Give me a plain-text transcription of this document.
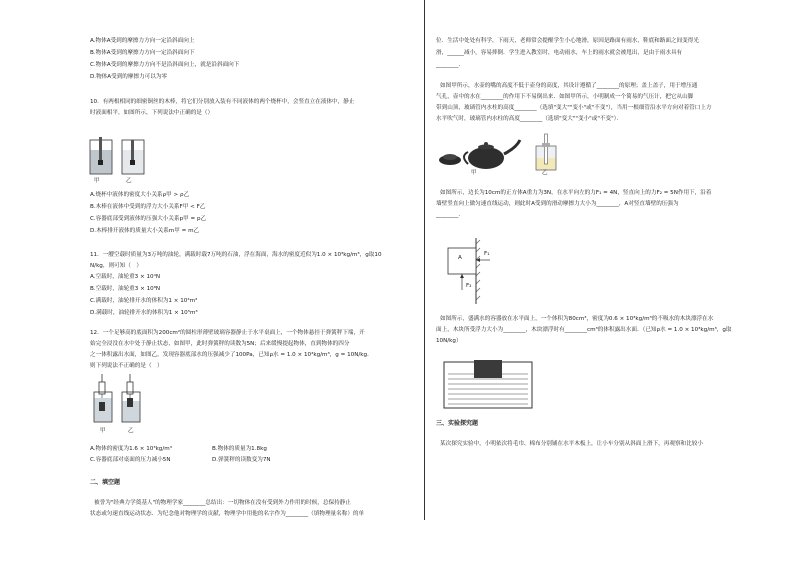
A.物体A受到的摩擦力方向一定沿斜面向上
B.物体A受到的摩擦力方向一定沿斜面向下
C.物体A受到的摩擦力方向不是沿斜面向上，就是沿斜面向下
D.物体A受到的摩擦力可以为零
10．有两根相同的细密铜丝的木棒，将它们分别放入装有不同液体的两个烧杯中，会竖直立在液体中，静止
时液面相平，如图所示，下列说法中正确的是（）
甲	乙
A.烧杯中液体的密度大小关系ρ甲 > ρ乙
B.木棒在液体中受到的浮力大小关系F甲 < F乙
C.容器底部受到液体的压强大小关系p甲 = p乙
D.木棒排开液体的质量大小关系m甲 = m乙
11．一艘空载时质量为3万吨的油轮，满载时载7万吨的石油，浮在海面，海水的密度近似为1.0 × 10³kg/m³，g取10
N/kg，则可知（　）
A.空载时，油轮重3 × 10⁴N
B.空载时，油轮重3 × 10⁸N
C.满载时，油轮排开水的体积为1 × 10⁴m³
D.满载时，油轮排开水的体积为1 × 10⁵m³
12．一个足够高的底面积为200cm²的圆柱形薄壁玻璃容器静止于水平桌面上，一个物体悬挂于弹簧秤下端，开
始完全浸没在水中处于静止状态，如图甲，此时弹簧秤的读数为5N；后来缓慢提起物体，直到物体的四分
之一体积露出水面，如图乙，发现容器底部水的压强减少了100Pa，已知ρ水 = 1.0 × 10³kg/m³，g = 10N/kg．
则下列说法不正确的是（　）
甲	乙
A.物体的密度为1.6 × 10³kg/m³	B.物体的质量为1.8kg
C.容器底部对桌面的压力减小5N	D.弹簧秤的读数变为7N
二、填空题
被誉为"经典力学奠基人"的物理学家________总结出：一切物体在没有受到外力作用的时候，总保持静止
状态或匀速直线运动状态．为纪念他对物理学的贡献，物理学中用他的名字作为________（填物理量名称）的单
位．生活中处处有科学，下雨天，老师常会提醒学生小心地滑，原因是路面有雨水，鞋底和路面之间变得光
滑，______减小，容易摔倒．学生进入教室时，电动雨水，车上的雨水就会被甩出，是由于雨水具有
________．
如图甲所示，水壶的嘴的高度不低于壶身的高度，其设计遵循了________的原理；盖上盖子，用于增压通
气孔，壶中的水在________的作用下不易倒出来．如图甲所示，小明制成一个简易的气压计，把它从山脚
带到山顶，玻璃管内水柱的高度________（选填"变大""变小"或"不变"），当用一根细管沿水平方向对着管口上方
水平吹气时，玻璃管内水柱的高度________（选填"变大""变小"或"不变"）．
甲	乙
如图所示，边长为10cm的正方体A重力为3N，在水平向左的力F₁ = 4N，竖直向上的力F₂ = 5N作用下，沿着
墙壁竖直向上做匀速直线运动，则此时A受到的滑动摩擦力大小为________，A对竖直墙壁的压强为
________．
A
F₁
F₂
如图所示，盛满水的容器放在水平面上，一个体积为80cm³，密度为0.6 × 10³kg/m³的不吸水的木块漂浮在水
面上，木块所受浮力大小为________，木块漂浮时有________cm³的体积露出水面．（已知ρ水 = 1.0 × 10³kg/m³，g取
10N/kg）
三、实验探究题
某次探究实验中，小明依次将毛巾、棉布分别铺在水平木板上，让小车分别从斜面上滑下，再观察和比较小
